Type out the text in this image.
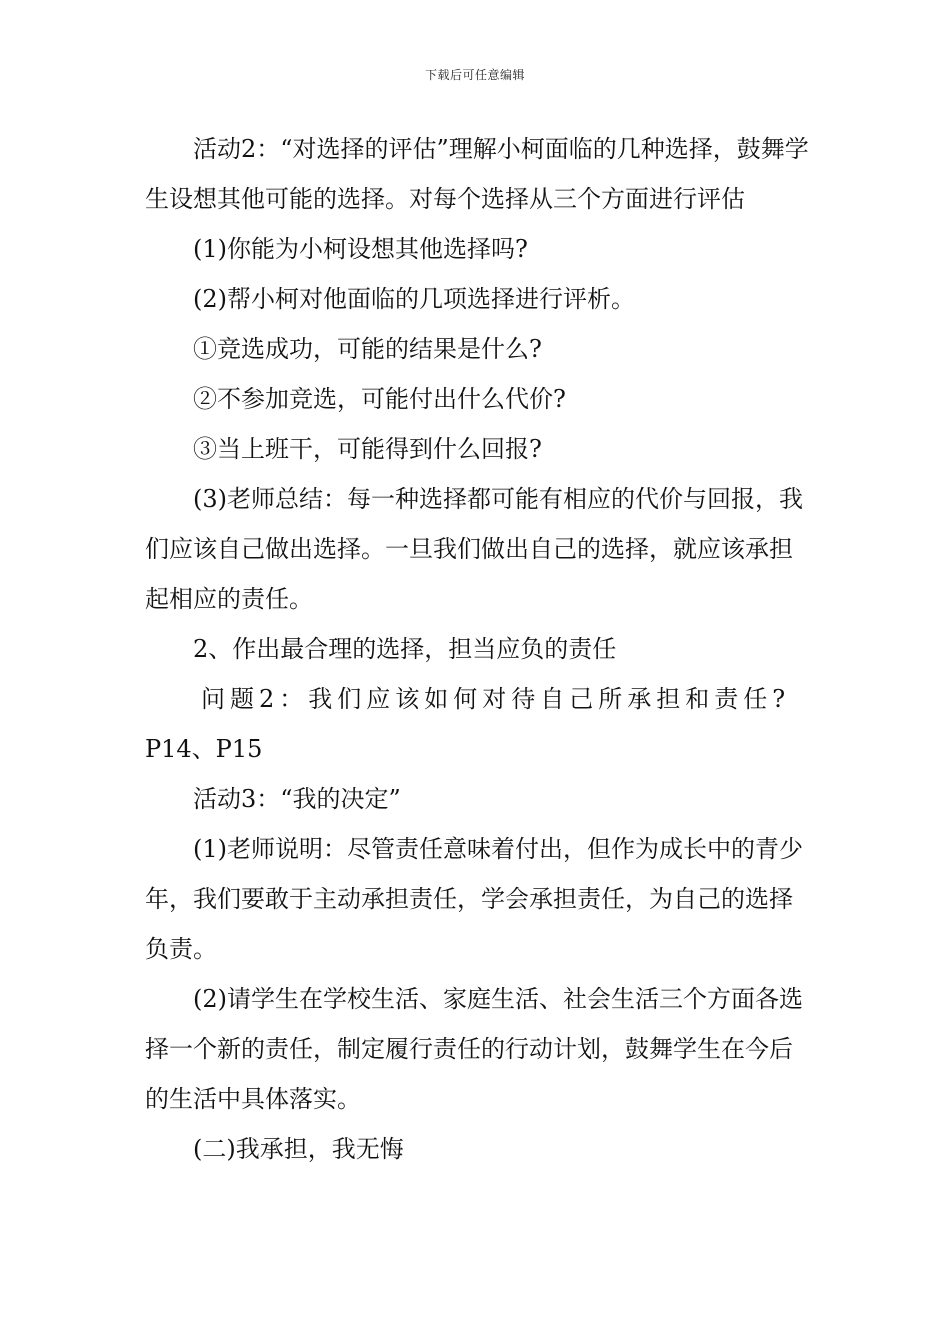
下载后可任意编辑

活动2：“对选择的评估”理解小柯面临的几种选择，鼓舞学生设想其他可能的选择。对每个选择从三个方面进行评估

(1)你能为小柯设想其他选择吗?

(2)帮小柯对他面临的几项选择进行评析。

①竞选成功，可能的结果是什么?

②不参加竞选，可能付出什么代价?

③当上班干，可能得到什么回报?

(3)老师总结：每一种选择都可能有相应的代价与回报，我们应该自己做出选择。一旦我们做出自己的选择，就应该承担起相应的责任。

2、作出最合理的选择，担当应负的责任

问题2：我们应该如何对待自己所承担和责任?

P14、P15

活动3：“我的决定”

(1)老师说明：尽管责任意味着付出，但作为成长中的青少年，我们要敢于主动承担责任，学会承担责任，为自己的选择负责。

(2)请学生在学校生活、家庭生活、社会生活三个方面各选择一个新的责任，制定履行责任的行动计划，鼓舞学生在今后的生活中具体落实。

(二)我承担，我无悔
